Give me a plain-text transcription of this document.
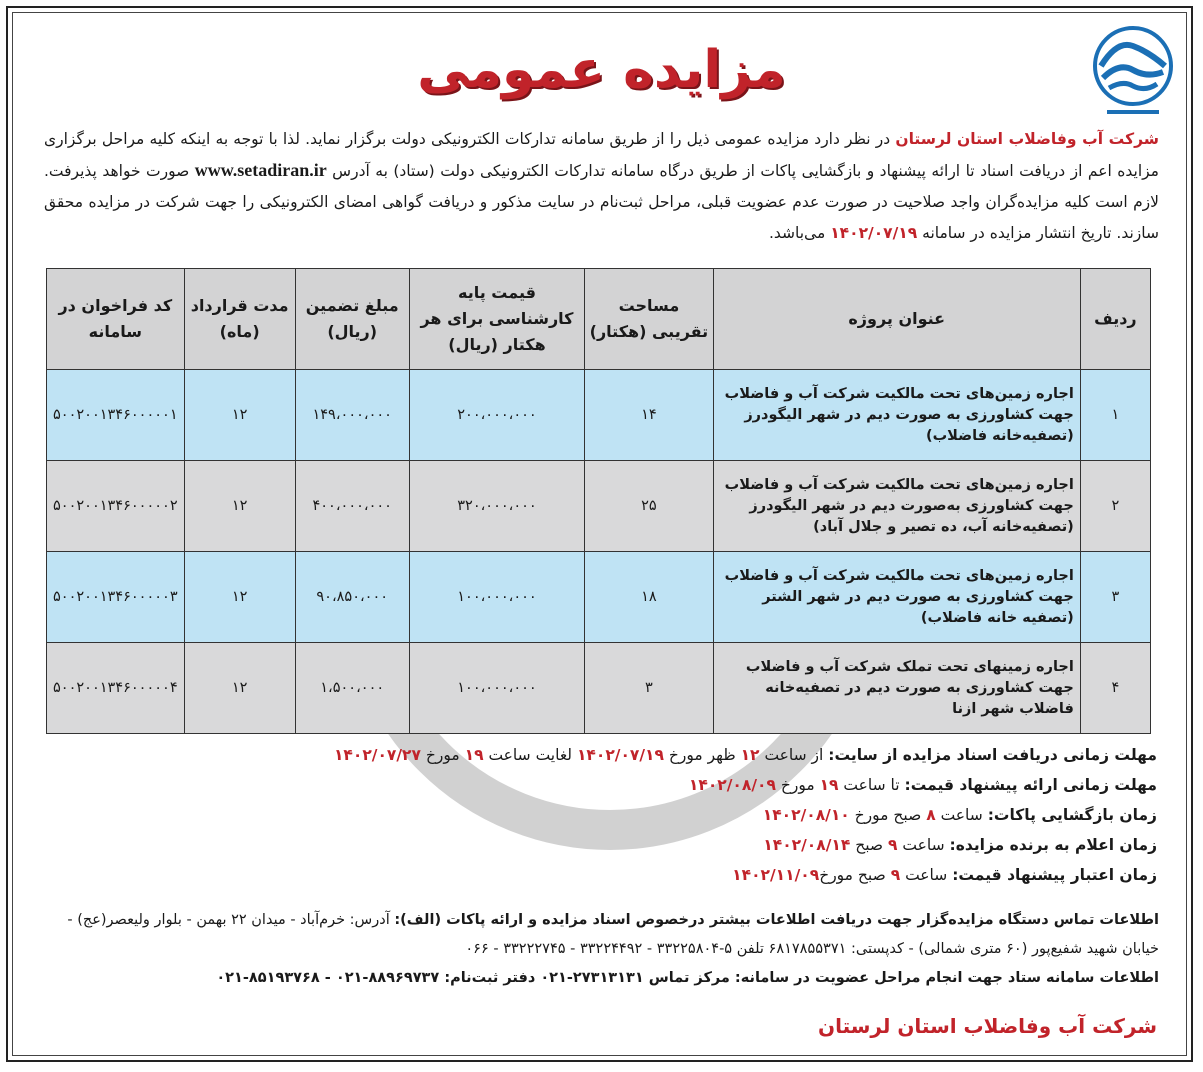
مزایده عمومی
شرکت آب وفاضلاب استان لرستان در نظر دارد مزایده عمومی ذیل را از طریق سامانه تدارکات الکترونیکی دولت برگزار نماید. لذا با توجه به اینکه کلیه مراحل برگزاری مزایده اعم از دریافت اسناد تا ارائه پیشنهاد و بازگشایی پاکات از طریق درگاه سامانه تدارکات الکترونیکی دولت (ستاد) به آدرس www.setadiran.ir صورت خواهد پذیرفت. لازم است کلیه مزایده‌گران واجد صلاحیت در صورت عدم عضویت قبلی، مراحل ثبت‌نام در سایت مذکور و دریافت گواهی امضای الکترونیکی را جهت شرکت در مزایده محقق سازند. تاریخ انتشار مزایده در سامانه ۱۴۰۲/۰۷/۱۹ می‌باشد.
ردیف	عنوان پروژه	مساحت تقریبی (هکتار)	قیمت پایه کارشناسی برای هر هکتار (ریال)	مبلغ تضمین (ریال)	مدت قرارداد (ماه)	کد فراخوان در سامانه
۱	اجاره زمین‌های تحت مالکیت شرکت آب و فاضلاب جهت کشاورزی به صورت دیم در شهر الیگودرز (تصفیه‌خانه فاضلاب)	۱۴	۲۰۰،۰۰۰،۰۰۰	۱۴۹،۰۰۰،۰۰۰	۱۲	۵۰۰۲۰۰۱۳۴۶۰۰۰۰۰۱
۲	اجاره زمین‌های تحت مالکیت شرکت آب و فاضلاب جهت کشاورزی به‌صورت دیم در شهر الیگودرز (تصفیه‌خانه آب، ده تصیر و جلال آباد)	۲۵	۳۲۰،۰۰۰،۰۰۰	۴۰۰،۰۰۰،۰۰۰	۱۲	۵۰۰۲۰۰۱۳۴۶۰۰۰۰۰۲
۳	اجاره زمین‌های تحت مالکیت شرکت آب و فاضلاب جهت کشاورزی به صورت دیم در شهر الشتر (تصفیه خانه فاضلاب)	۱۸	۱۰۰،۰۰۰،۰۰۰	۹۰،۸۵۰،۰۰۰	۱۲	۵۰۰۲۰۰۱۳۴۶۰۰۰۰۰۳
۴	اجاره زمینهای تحت تملک شرکت آب و فاضلاب جهت کشاورزی به صورت دیم در تصفیه‌خانه فاضلاب شهر ازنا	۳	۱۰۰،۰۰۰،۰۰۰	۱،۵۰۰،۰۰۰	۱۲	۵۰۰۲۰۰۱۳۴۶۰۰۰۰۰۴
مهلت زمانی دریافت اسناد مزایده از سایت: از ساعت ۱۲ ظهر مورخ ۱۴۰۲/۰۷/۱۹ لغایت ساعت ۱۹ مورخ ۱۴۰۲/۰۷/۲۷
مهلت زمانی ارائه پیشنهاد قیمت: تا ساعت ۱۹ مورخ ۱۴۰۲/۰۸/۰۹
زمان بازگشایی پاکات: ساعت ۸ صبح مورخ ۱۴۰۲/۰۸/۱۰
زمان اعلام به برنده مزایده: ساعت ۹ صبح ۱۴۰۲/۰۸/۱۴
زمان اعتبار پیشنهاد قیمت: ساعت ۹ صبح مورخ۱۴۰۲/۱۱/۰۹
اطلاعات تماس دستگاه مزایده‌گزار جهت دریافت اطلاعات بیشتر درخصوص اسناد مزایده و ارائه پاکات (الف): آدرس: خرم‌آباد - میدان ۲۲ بهمن - بلوار ولیعصر(عج) - خیابان شهید شفیع‌پور (۶۰ متری شمالی) - کدپستی: ۶۸۱۷۸۵۵۳۷۱ تلفن ۵-۳۳۲۲۵۸۰۴ - ۳۳۲۲۴۴۹۲ - ۳۳۲۲۲۷۴۵ - ۰۶۶
اطلاعات سامانه ستاد جهت انجام مراحل عضویت در سامانه: مرکز تماس ۲۷۳۱۳۱۳۱-۰۲۱ دفتر ثبت‌نام: ۸۸۹۶۹۷۳۷-۰۲۱ - ۸۵۱۹۳۷۶۸-۰۲۱
شرکت آب وفاضلاب استان لرستان
